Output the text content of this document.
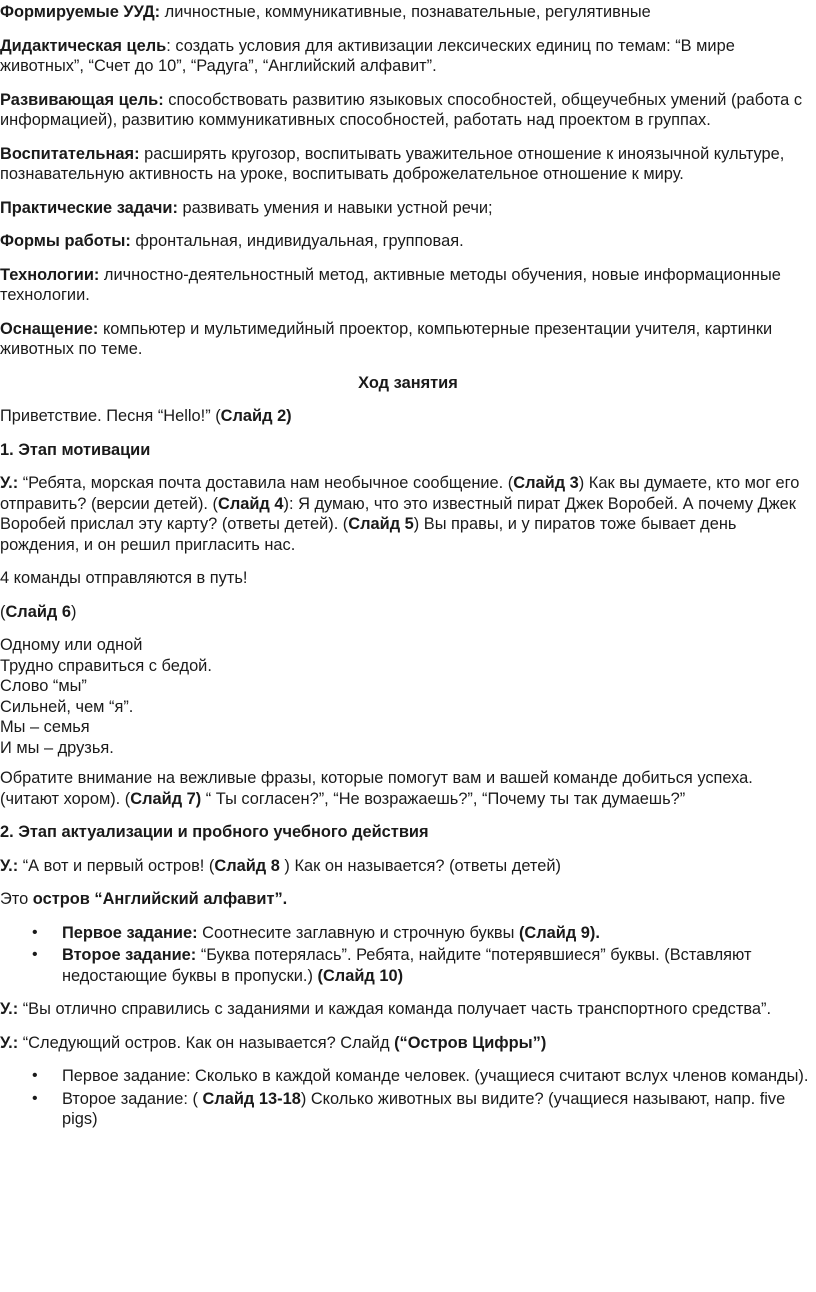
Формируемые УУД: личностные, коммуникативные, познавательные, регулятивные

Дидактическая цель: создать условия для активизации лексических единиц по темам: “В мире животных”, “Счет до 10”, “Радуга”, “Английский алфавит”.

Развивающая цель: способствовать развитию языковых способностей, общеучебных умений (работа с информацией), развитию коммуникативных способностей, работать над проектом в группах.

Воспитательная: расширять кругозор, воспитывать уважительное отношение к иноязычной культуре, познавательную активность на уроке, воспитывать доброжелательное отношение к миру.

Практические задачи: развивать умения и навыки устной речи;

Формы работы: фронтальная, индивидуальная, групповая.

Технологии: личностно-деятельностный метод, активные методы обучения, новые информационные технологии.

Оснащение: компьютер и мультимедийный проектор, компьютерные презентации учителя, картинки животных по теме.

Ход занятия

Приветствие. Песня “Hello!” (Слайд 2)

1. Этап мотивации

У.: “Ребята, морская почта доставила нам необычное сообщение. (Слайд 3) Как вы думаете, кто мог его отправить? (версии детей). (Слайд 4): Я думаю, что это известный пират Джек Воробей. А почему Джек Воробей прислал эту карту? (ответы детей). (Слайд 5) Вы правы, и у пиратов тоже бывает день рождения, и он решил пригласить нас.

4 команды отправляются в путь!

(Слайд 6)

Одному или одной
Трудно справиться с бедой.
Слово “мы”
Сильней, чем “я”.
Мы – семья
И мы – друзья.

Обратите внимание на вежливые фразы, которые помогут вам и вашей команде добиться успеха. (читают хором). (Слайд 7) “ Ты согласен?”, “Не возражаешь?”, “Почему ты так думаешь?”

2. Этап актуализации и пробного учебного действия

У.: “А вот и первый остров! (Слайд 8 ) Как он называется? (ответы детей)

Это остров “Английский алфавит”.

• Первое задание: Соотнесите заглавную и строчную буквы (Слайд 9).
• Второе задание: “Буква потерялась”. Ребята, найдите “потерявшиеся” буквы. (Вставляют недостающие буквы в пропуски.) (Слайд 10)

У.: “Вы отлично справились с заданиями и каждая команда получает часть транспортного средства”.

У.: “Следующий остров. Как он называется? Слайд (“Остров Цифры”)

• Первое задание: Сколько в каждой команде человек. (учащиеся считают вслух членов команды).
• Второе задание: ( Слайд 13-18) Сколько животных вы видите? (учащиеся называют, напр. five pigs)
